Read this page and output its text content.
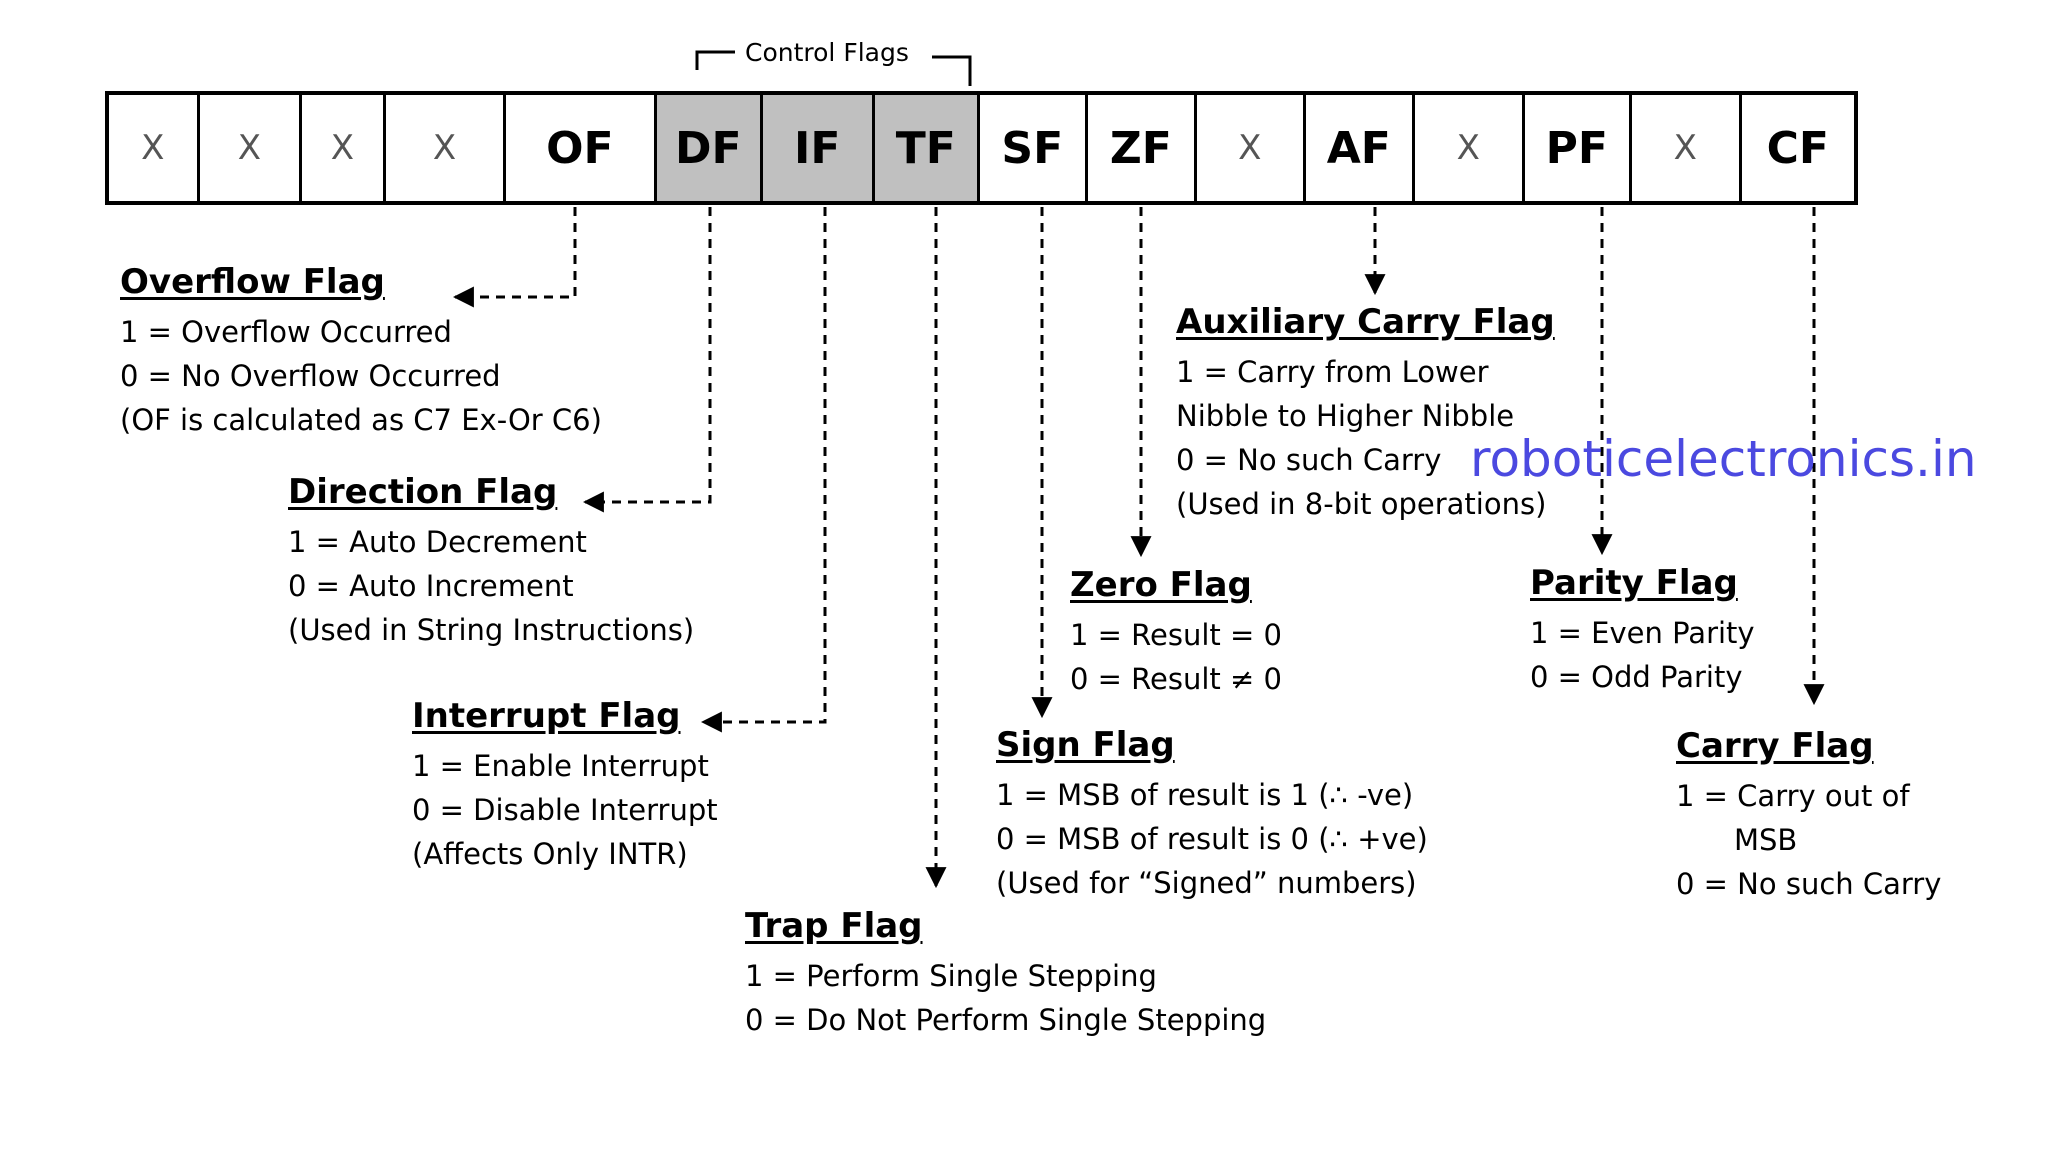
Control Flags
X	X	X	X	OF	DF	IF	TF	SF	ZF	X	AF	X	PF	X	CF
Overflow Flag
1 = Overflow Occurred
0 = No Overflow Occurred
(OF is calculated as C7 Ex-Or C6)
Direction Flag
1 = Auto Decrement
0 = Auto Increment
(Used in String Instructions)
Interrupt Flag
1 = Enable Interrupt
0 = Disable Interrupt
(Affects Only INTR)
Trap Flag
1 = Perform Single Stepping
0 = Do Not Perform Single Stepping
Sign Flag
1 = MSB of result is 1 (∴ -ve)
0 = MSB of result is 0 (∴ +ve)
(Used for “Signed” numbers)
Zero Flag
1 = Result = 0
0 = Result ≠ 0
Auxiliary Carry Flag
1 = Carry from Lower
Nibble to Higher Nibble
0 = No such Carry
(Used in 8-bit operations)
Parity Flag
1 = Even Parity
0 = Odd Parity
Carry Flag
1 = Carry out of
MSB
0 = No such Carry
roboticelectronics.in
